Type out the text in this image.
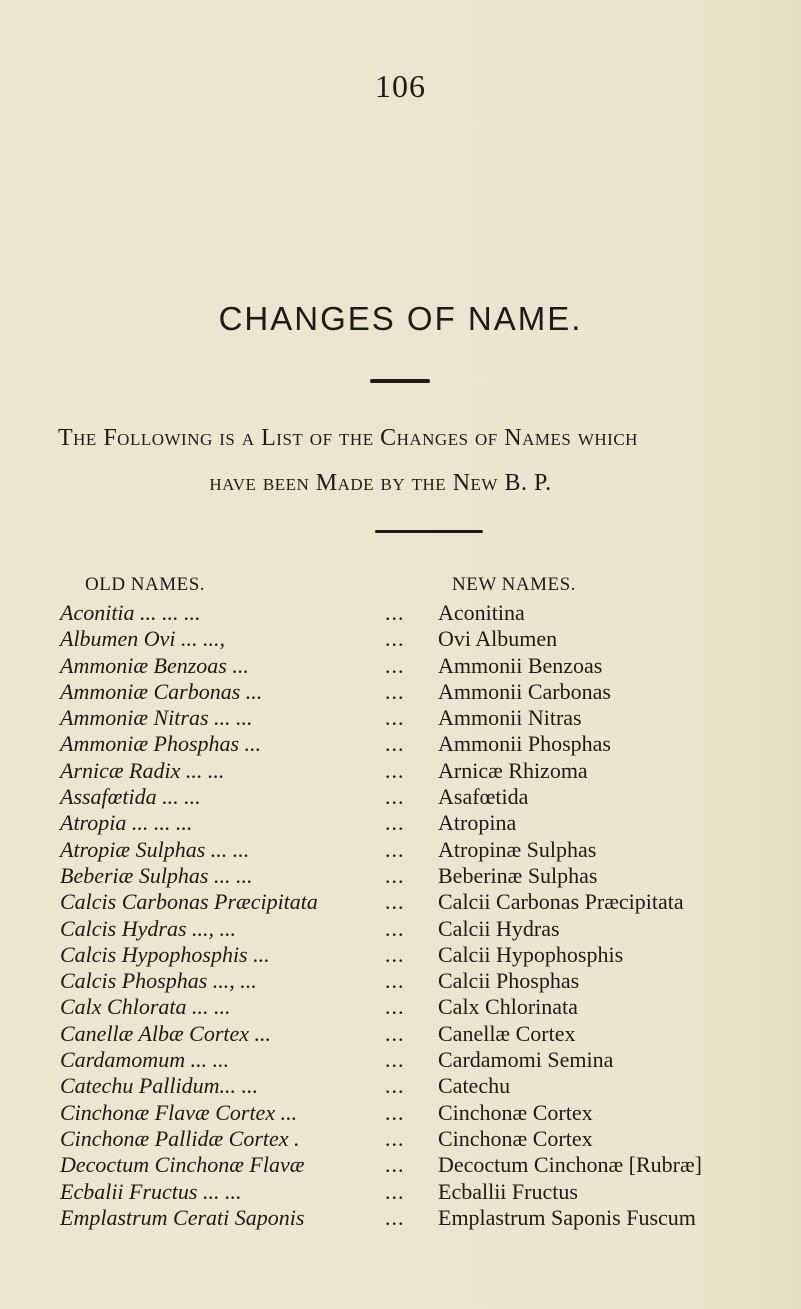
106
CHANGES OF NAME.
The Following is a List of the Changes of Names which
have been Made by the New B. P.
OLD NAMES.	NEW NAMES.
Aconitia ... ... ...	... Aconitina
Albumen Ovi ... ...,	... Ovi Albumen
Ammoniæ Benzoas ...	... Ammonii Benzoas
Ammoniæ Carbonas ...	... Ammonii Carbonas
Ammoniæ Nitras ... ...	... Ammonii Nitras
Ammoniæ Phosphas ...	... Ammonii Phosphas
Arnicæ Radix ... ...	... Arnicæ Rhizoma
Assafœtida ... ...	... Asafœtida
Atropia ... ... ...	... Atropina
Atropiæ Sulphas ... ...	... Atropinæ Sulphas
Beberiæ Sulphas ... ...	... Beberinæ Sulphas
Calcis Carbonas Præcipitata	... Calcii Carbonas Præcipitata
Calcis Hydras ..., ...	... Calcii Hydras
Calcis Hypophosphis ...	... Calcii Hypophosphis
Calcis Phosphas ..., ...	... Calcii Phosphas
Calx Chlorata ... ...	... Calx Chlorinata
Canellæ Albæ Cortex ...	... Canellæ Cortex
Cardamomum ... ...	... Cardamomi Semina
Catechu Pallidum... ...	... Catechu
Cinchonæ Flavæ Cortex ...	... Cinchonæ Cortex
Cinchonæ Pallidæ Cortex .	... Cinchonæ Cortex
Decoctum Cinchonæ Flavæ	... Decoctum Cinchonæ [Rubræ]
Ecbalii Fructus ... ...	... Ecballii Fructus
Emplastrum Cerati Saponis	... Emplastrum Saponis Fuscum
